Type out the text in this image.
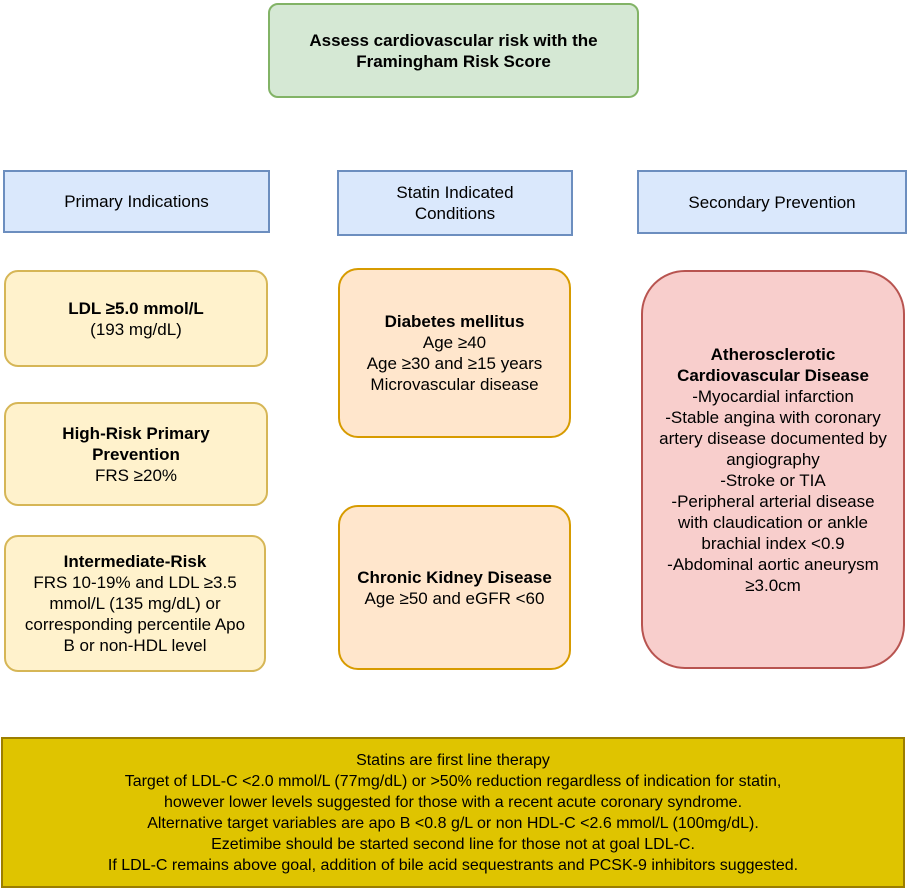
Assess cardiovascular risk with the Framingham Risk Score
Primary Indications	Statin Indicated Conditions
Secondary Prevention
LDL ≥5.0 mmol/L
(193 mg/dL)
High-Risk Primary Prevention
FRS ≥20%
Intermediate-Risk
FRS 10-19% and LDL ≥3.5 mmol/L (135 mg/dL) or corresponding percentile Apo B or non-HDL level
Diabetes mellitus
Age ≥40
Age ≥30 and ≥15 years
Microvascular disease
Chronic Kidney Disease
Age ≥50 and eGFR <60
Atherosclerotic Cardiovascular Disease
-Myocardial infarction
-Stable angina with coronary artery disease documented by angiography
-Stroke or TIA
-Peripheral arterial disease with claudication or ankle brachial index <0.9
-Abdominal aortic aneurysm ≥3.0cm
Statins are first line therapy
Target of LDL-C <2.0 mmol/L (77mg/dL) or >50% reduction regardless of indication for statin,
however lower levels suggested for those with a recent acute coronary syndrome.
Alternative target variables are apo B <0.8 g/L or non HDL-C <2.6 mmol/L (100mg/dL).
Ezetimibe should be started second line for those not at goal LDL-C.
If LDL-C remains above goal, addition of bile acid sequestrants and PCSK-9 inhibitors suggested.
